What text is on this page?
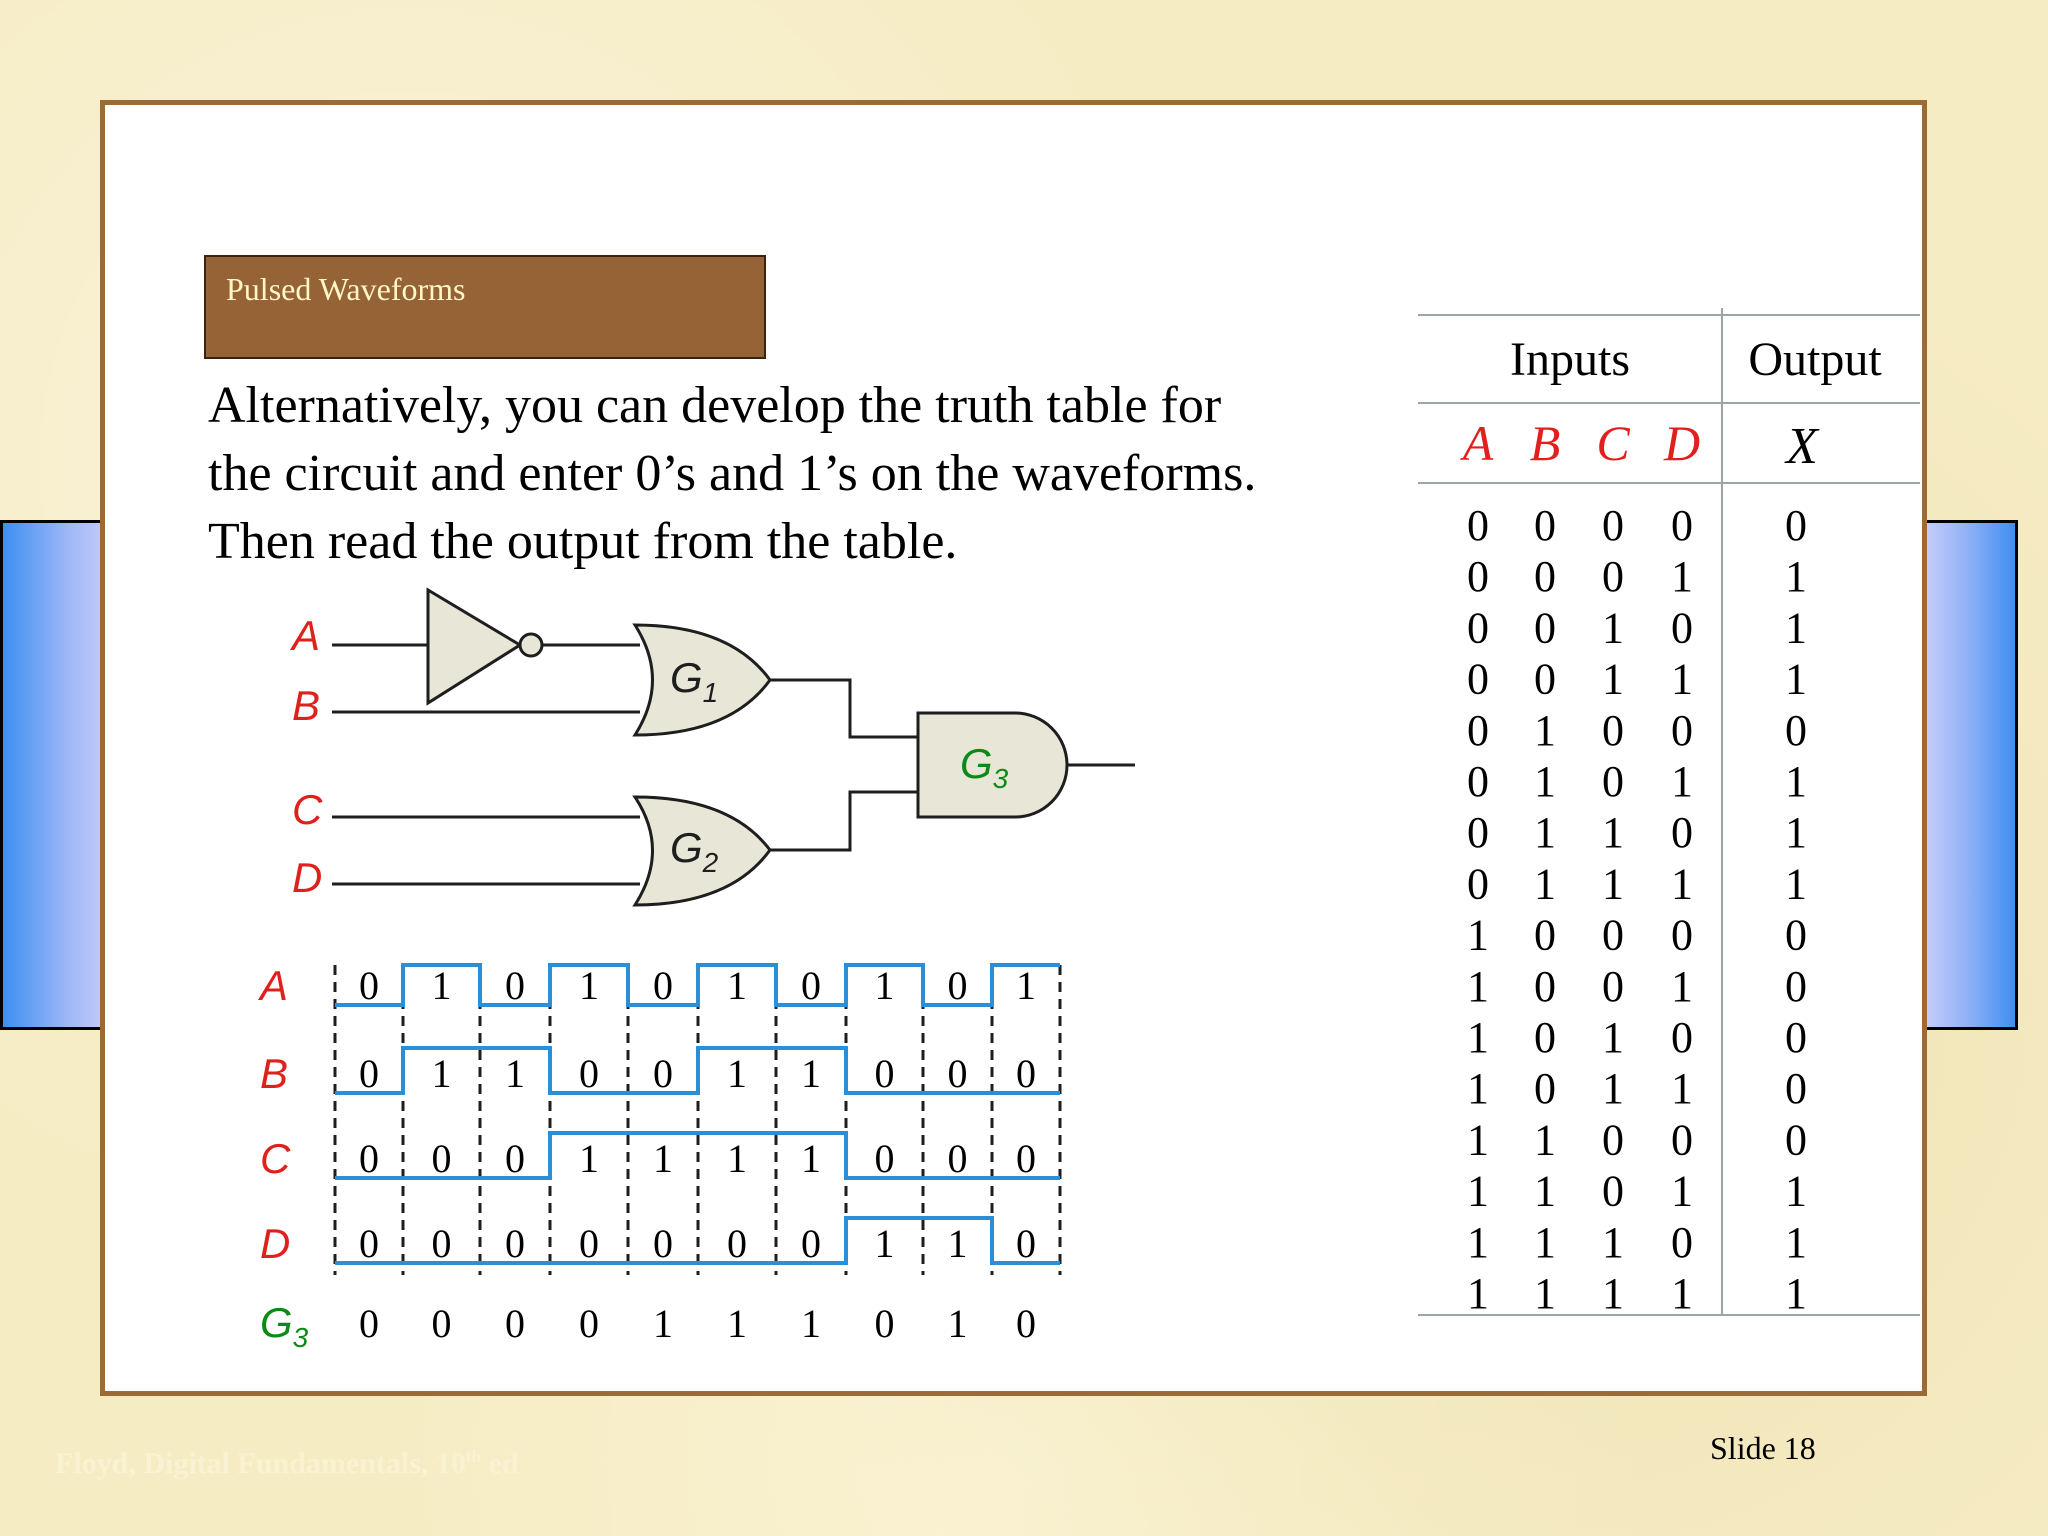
Pulsed Waveforms
Alternatively, you can develop the truth table for
the circuit and enter 0’s and 1’s on the waveforms.
Then read the output from the table.
A
B
C
D
$G_1$
$G_2$
$G_3$
A
B
C
D
$G_3$
0 1 0 1 0 1 0 1 0 1
0 1 1 0 0 1 1 0 0 0
0 0 0 1 1 1 1 0 0 0
0 0 0 0 0 0 0 1 1 0
0 0 0 0 1 1 1 0 1 0
Inputs Output
A B C D X
0 0 0 0 0
0 0 0 1 1
0 0 1 0 1
0 0 1 1 1
0 1 0 0 0
0 1 0 1 1
0 1 1 0 1
0 1 1 1 1
1 0 0 0 0
1 0 0 1 0
1 0 1 0 0
1 0 1 1 0
1 1 0 0 0
1 1 0 1 1
1 1 1 0 1
1 1 1 1 1
Floyd, Digital Fundamentals, 10th ed	Slide 18
